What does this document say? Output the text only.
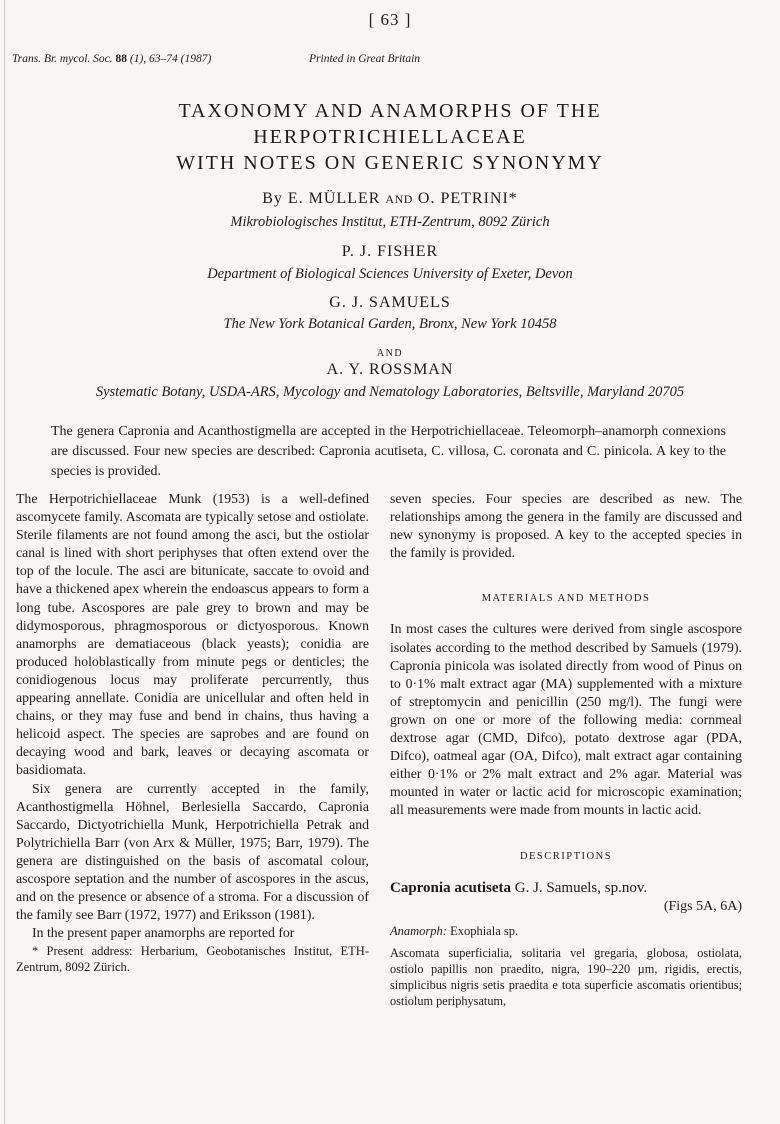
[ 63 ]
Trans. Br. mycol. Soc. 88 (1), 63–74 (1987)	Printed in Great Britain
TAXONOMY AND ANAMORPHS OF THE
HERPOTRICHIELLACEAE
WITH NOTES ON GENERIC SYNONYMY
By E. MÜLLER AND O. PETRINI*
Mikrobiologisches Institut, ETH-Zentrum, 8092 Zürich
P. J. FISHER
Department of Biological Sciences University of Exeter, Devon
G. J. SAMUELS
The New York Botanical Garden, Bronx, New York 10458
AND
A. Y. ROSSMAN
Systematic Botany, USDA-ARS, Mycology and Nematology Laboratories, Beltsville, Maryland 20705
The genera Capronia and Acanthostigmella are accepted in the Herpotrichiellaceae. Teleomorph–anamorph connexions are discussed. Four new species are described: Capronia acutiseta, C. villosa, C. coronata and C. pinicola. A key to the species is provided.

The Herpotrichiellaceae Munk (1953) is a well-defined ascomycete family. Ascomata are typically setose and ostiolate. Sterile filaments are not found among the asci, but the ostiolar canal is lined with short periphyses that often extend over the top of the locule. The asci are bitunicate, saccate to ovoid and have a thickened apex wherein the endoascus appears to form a long tube. Ascospores are pale grey to brown and may be didymosporous, phragmosporous or dictyosporous. Known anamorphs are dematiaceous (black yeasts); conidia are produced holoblastically from minute pegs or denticles; the conidiogenous locus may proliferate percurrently, thus appearing annellate. Conidia are unicellular and often held in chains, or they may fuse and bend in chains, thus having a helicoid aspect. The species are saprobes and are found on decaying wood and bark, leaves or decaying ascomata or basidiomata.

Six genera are currently accepted in the family, Acanthostigmella Höhnel, Berlesiella Saccardo, Capronia Saccardo, Dictyotrichiella Munk, Herpotrichiella Petrak and Polytrichiella Barr (von Arx & Müller, 1975; Barr, 1979). The genera are distinguished on the basis of ascomatal colour, ascospore septation and the number of ascospores in the ascus, and on the presence or absence of a stroma. For a discussion of the family see Barr (1972, 1977) and Eriksson (1981).

In the present paper anamorphs are reported for

* Present address: Herbarium, Geobotanisches Institut, ETH-Zentrum, 8092 Zürich.

seven species. Four species are described as new. The relationships among the genera in the family are discussed and new synonymy is proposed. A key to the accepted species in the family is provided.

MATERIALS AND METHODS

In most cases the cultures were derived from single ascospore isolates according to the method described by Samuels (1979). Capronia pinicola was isolated directly from wood of Pinus on to 0·1% malt extract agar (MA) supplemented with a mixture of streptomycin and penicillin (250 mg/l). The fungi were grown on one or more of the following media: cornmeal dextrose agar (CMD, Difco), potato dextrose agar (PDA, Difco), oatmeal agar (OA, Difco), malt extract agar containing either 0·1% or 2% malt extract and 2% agar. Material was mounted in water or lactic acid for microscopic examination; all measurements were made from mounts in lactic acid.

DESCRIPTIONS

Capronia acutiseta G. J. Samuels, sp.nov.

(Figs 5A, 6A)

Anamorph: Exophiala sp.

Ascomata superficialia, solitaria vel gregaria, globosa, ostiolata, ostiolo papillis non praedito, nigra, 190–220 µm, rigidis, erectis, simplicibus nigris setis praedita e tota superficie ascomatis orientibus; ostiolum periphysatum,
